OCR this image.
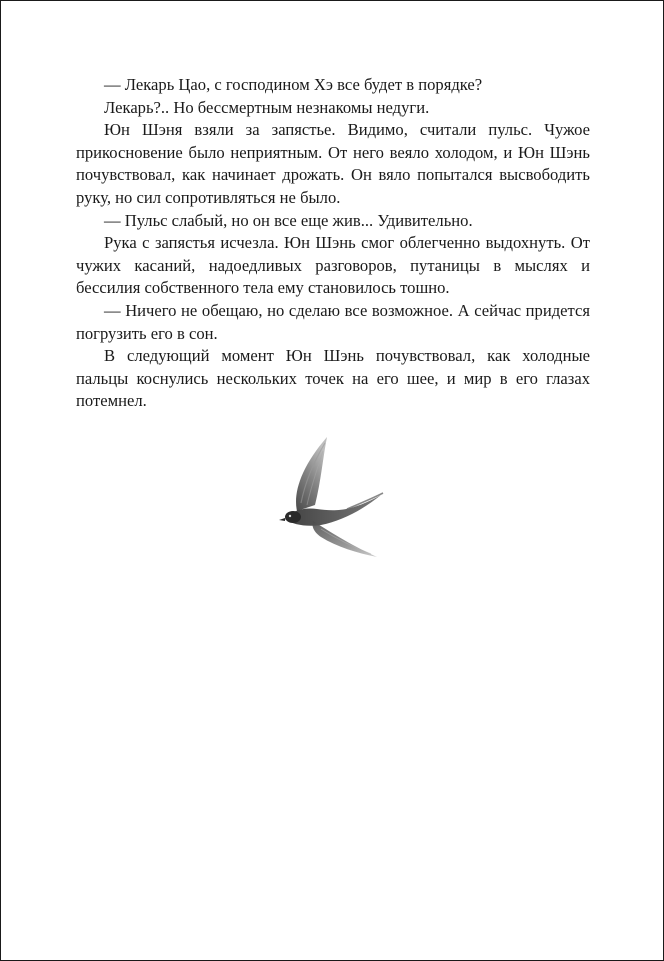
— Лекарь Цао, с господином Хэ все будет в порядке?

Лекарь?.. Но бессмертным незнакомы недуги.

Юн Шэня взяли за запястье. Видимо, считали пульс. Чужое прикосновение было неприятным. От него веяло холодом, и Юн Шэнь почувствовал, как начинает дрожать. Он вяло попытался высвободить руку, но сил сопротивляться не было.

— Пульс слабый, но он все еще жив... Удивительно.

Рука с запястья исчезла. Юн Шэнь смог облегченно выдохнуть. От чужих касаний, надоедливых разговоров, путаницы в мыслях и бессилия собственного тела ему становилось тошно.

— Ничего не обещаю, но сделаю все возможное. А сейчас придется погрузить его в сон.

В следующий момент Юн Шэнь почувствовал, как холодные пальцы коснулись нескольких точек на его шее, и мир в его глазах потемнел.
